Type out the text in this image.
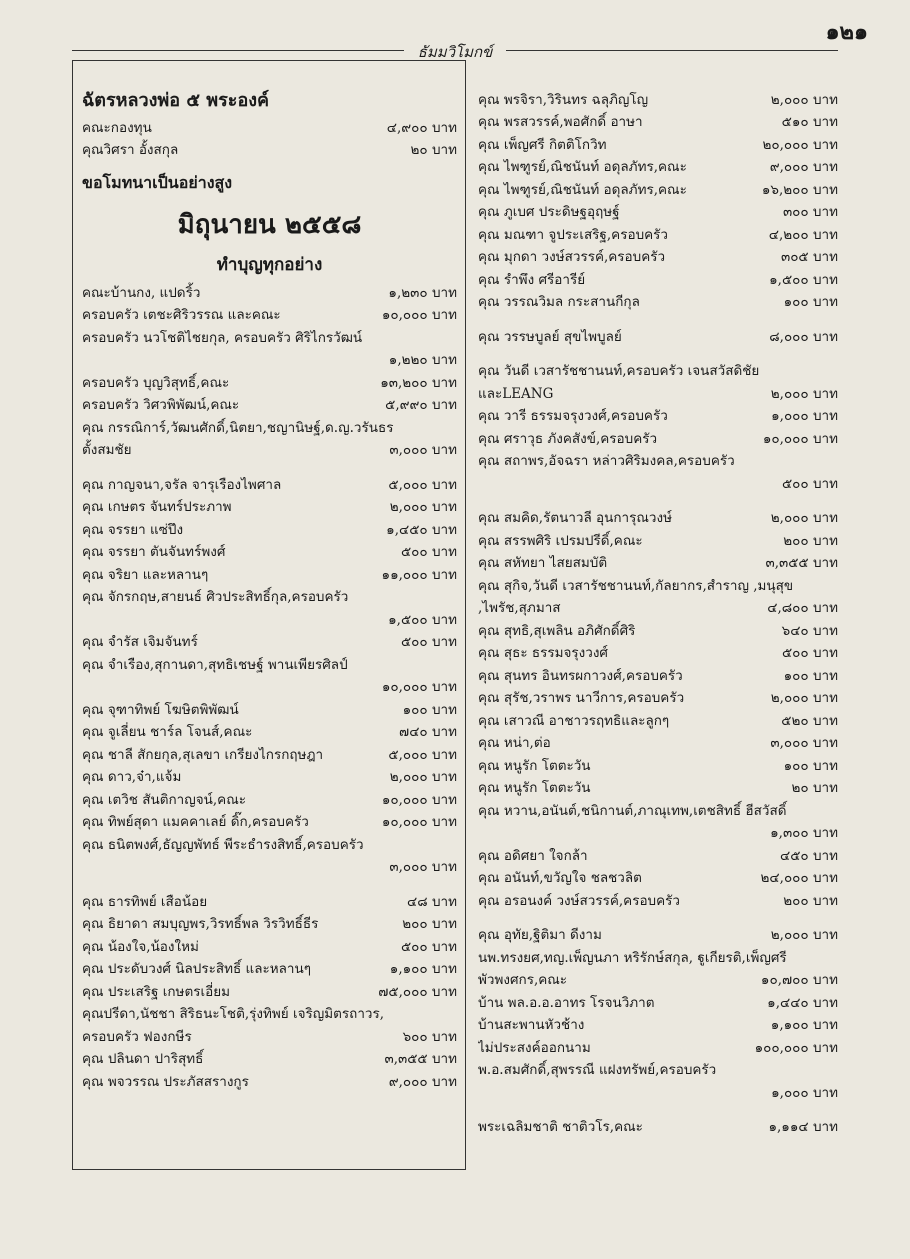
๑๒๑
ธัมมวิโมกข์
ฉัตรหลวงพ่อ ๕ พระองค์
คณะกองทุน	๔,๙๐๐ บาท
คุณวิศรา อั้งสกุล	๒๐ บาท
ขอโมทนาเป็นอย่างสูง
มิถุนายน ๒๕๕๘
ทำบุญทุกอย่าง
คณะบ้านกง, แปดริ้ว	๑,๒๓๐ บาท
ครอบครัว เตชะศิริวรรณ และคณะ	๑๐,๐๐๐ บาท
ครอบครัว นวโชติไชยกุล, ครอบครัว ศิริไกรวัฒน์
๑,๒๒๐ บาท
ครอบครัว บุญวิสุทธิ์,คณะ	๑๓,๒๐๐ บาท
ครอบครัว วิศวพิพัฒน์,คณะ	๕,๙๙๐ บาท
คุณ กรรณิการ์,วัฒนศักดิ์,นิตยา,ชญานิษฐ์,ด.ญ.วรันธร
ตั้งสมชัย	๓,๐๐๐ บาท
คุณ กาญจนา,จรัล จารุเรืองไพศาล	๕,๐๐๐ บาท
คุณ เกษตร จันทร์ประภาพ	๒,๐๐๐ บาท
คุณ จรรยา แซ่ปึง	๑,๔๕๐ บาท
คุณ จรรยา ตันจันทร์พงศ์	๕๐๐ บาท
คุณ จริยา และหลานๆ	๑๑,๐๐๐ บาท
คุณ จักรกฤษ,สายนธ์ ศิวประสิทธิ์กุล,ครอบครัว
๑,๕๐๐ บาท
คุณ จำรัส เจิมจันทร์	๕๐๐ บาท
คุณ จำเรือง,สุกานดา,สุทธิเชษฐ์ พานเพียรศิลป์
๑๐,๐๐๐ บาท
คุณ จุฑาทิพย์ โฆษิตพิพัฒน์	๑๐๐ บาท
คุณ จูเลี่ยน ชาร์ล โจนส์,คณะ	๗๔๐ บาท
คุณ ชาลี สักยกุล,สุเลขา เกรียงไกรกฤษฎา	๕,๐๐๐ บาท
คุณ ดาว,จ๋า,แจ้ม	๒,๐๐๐ บาท
คุณ เตวิช สันติกาญจน์,คณะ	๑๐,๐๐๐ บาท
คุณ ทิพย์สุดา แมคคาเลย์ ดิ๊ก,ครอบครัว	๑๐,๐๐๐ บาท
คุณ ธนิตพงศ์,ธัญญพัทธ์ พีระธำรงสิทธิ์,ครอบครัว
๓,๐๐๐ บาท
คุณ ธารทิพย์ เสือน้อย	๔๘ บาท
คุณ ธิยาดา สมบุญพร,วิรทธิ์พล วิรวิทธิ์ธีร	๒๐๐ บาท
คุณ น้องใจ,น้องใหม่	๕๐๐ บาท
คุณ ประดับวงศ์ นิลประสิทธิ์ และหลานๆ	๑,๑๐๐ บาท
คุณ ประเสริฐ เกษตรเอี่ยม	๗๕,๐๐๐ บาท
คุณปรีดา,นัชชา สิริธนะโชติ,รุ่งทิพย์ เจริญมิตรถาวร,
ครอบครัว ฟองกษีร	๖๐๐ บาท
คุณ ปลินดา ปาริสุทธิ์	๓,๓๕๕ บาท
คุณ พจวรรณ ประภัสสรางกูร	๙,๐๐๐ บาท
คุณ พรจิรา,วิรินทร ฉลุภิญโญ	๒,๐๐๐ บาท
คุณ พรสวรรค์,พอศักดิ์ อาษา	๕๑๐ บาท
คุณ เพ็ญศรี กิตติโกวิท	๒๐,๐๐๐ บาท
คุณ ไพฑูรย์,ณิชนันท์ อดุลภัทร,คณะ	๙,๐๐๐ บาท
คุณ ไพฑูรย์,ณิชนันท์ อดุลภัทร,คณะ	๑๖,๒๐๐ บาท
คุณ ภูเบศ ประดิษฐอุฤษฐ์	๓๐๐ บาท
คุณ มณฑา จูประเสริฐ,ครอบครัว	๔,๒๐๐ บาท
คุณ มุกดา วงษ์สวรรค์,ครอบครัว	๓๐๕ บาท
คุณ รำพึง ศรีอารีย์	๑,๕๐๐ บาท
คุณ วรรณวิมล กระสานกีกุล	๑๐๐ บาท
คุณ วรรษบูลย์ สุขไพบูลย์	๘,๐๐๐ บาท
คุณ วันดี เวสารัชชานนท์,ครอบครัว เจนสวัสดิชัย
และLEANG	๒,๐๐๐ บาท
คุณ วารี ธรรมจรุงวงศ์,ครอบครัว	๑,๐๐๐ บาท
คุณ ศราวุธ ภังคสังข์,ครอบครัว	๑๐,๐๐๐ บาท
คุณ สถาพร,อัจฉรา หล่าวศิริมงคล,ครอบครัว
๕๐๐ บาท
คุณ สมคิด,รัตนาวลี อุนการุณวงษ์	๒,๐๐๐ บาท
คุณ สรรพศิริ เปรมปรีดิ์,คณะ	๒๐๐ บาท
คุณ สหัทยา ไสยสมบัติ	๓,๓๕๕ บาท
คุณ สุกิจ,วันดี เวสารัชชานนท์,กัลยากร,สำราญ ,มนุสุข
,ไพรัช,สุภมาส	๔,๘๐๐ บาท
คุณ สุทธิ,สุเพลิน อภิศักดิ์ศิริ	๖๔๐ บาท
คุณ สุธะ ธรรมจรุงวงศ์	๕๐๐ บาท
คุณ สุนทร อินทรผกาวงศ์,ครอบครัว	๑๐๐ บาท
คุณ สุรัช,วราพร นาวีการ,ครอบครัว	๒,๐๐๐ บาท
คุณ เสาวณี อาชาวรฤทธิและลูกๆ	๕๒๐ บาท
คุณ หน่า,ต่อ	๓,๐๐๐ บาท
คุณ หนูรัก โตตะวัน	๑๐๐ บาท
คุณ หนูรัก โตตะวัน	๒๐ บาท
คุณ หวาน,อนันต์,ชนิกานต์,ภาณุเทพ,เตชสิทธิ์ ฮีสวัสดิ์
๑,๓๐๐ บาท
คุณ อดิศยา ใจกล้า	๔๕๐ บาท
คุณ อนันท์,ขวัญใจ ชลชวลิต	๒๔,๐๐๐ บาท
คุณ อรอนงค์ วงษ์สวรรค์,ครอบครัว	๒๐๐ บาท
คุณ อุทัย,ฐิติมา ดีงาม	๒,๐๐๐ บาท
นพ.ทรงยศ,ทญ.เพ็ญนภา หริรักษ์สกุล, ฐูเกียรติ,เพ็ญศรี
พัวพงศกร,คณะ	๑๐,๗๐๐ บาท
บ้าน พล.อ.อ.อาทร โรจนวิภาต	๑,๔๔๐ บาท
บ้านสะพานหัวช้าง	๑,๑๐๐ บาท
ไม่ประสงค์ออกนาม	๑๐๐,๐๐๐ บาท
พ.อ.สมศักดิ์,สุพรรณี แฝงทรัพย์,ครอบครัว
๑,๐๐๐ บาท
พระเฉลิมชาติ ชาติวโร,คณะ	๑,๑๑๔ บาท
